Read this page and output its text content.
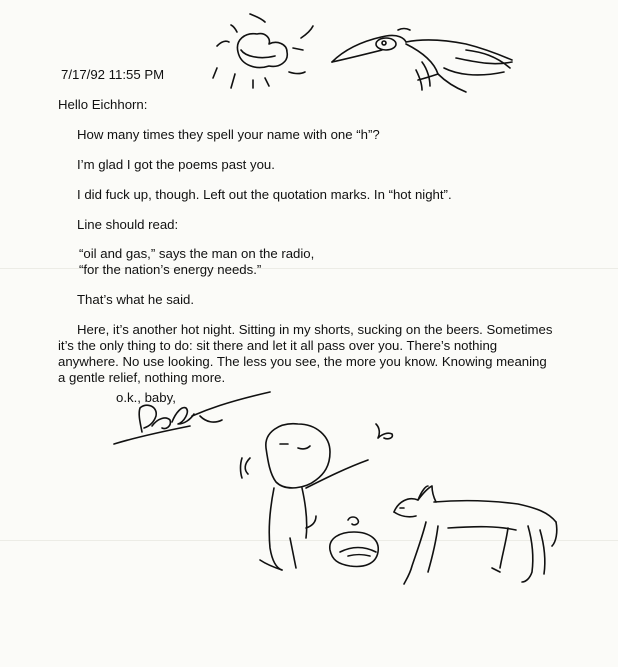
7/17/92 11:55 PM
Hello Eichhorn:
How many times they spell your name with one “h”?
I’m glad I got the poems past you.
I did fuck up, though. Left out the quotation marks. In “hot night”.
Line should read:
“oil and gas,” says the man on the radio,
“for the nation’s energy needs.”
That’s what he said.
Here, it’s another hot night. Sitting in my shorts, sucking on the beers. Sometimes
it’s the only thing to do: sit there and let it all pass over you. There’s nothing
anywhere. No use looking. The less you see, the more you know. Knowing meaning
a gentle relief, nothing more.
o.k., baby,
